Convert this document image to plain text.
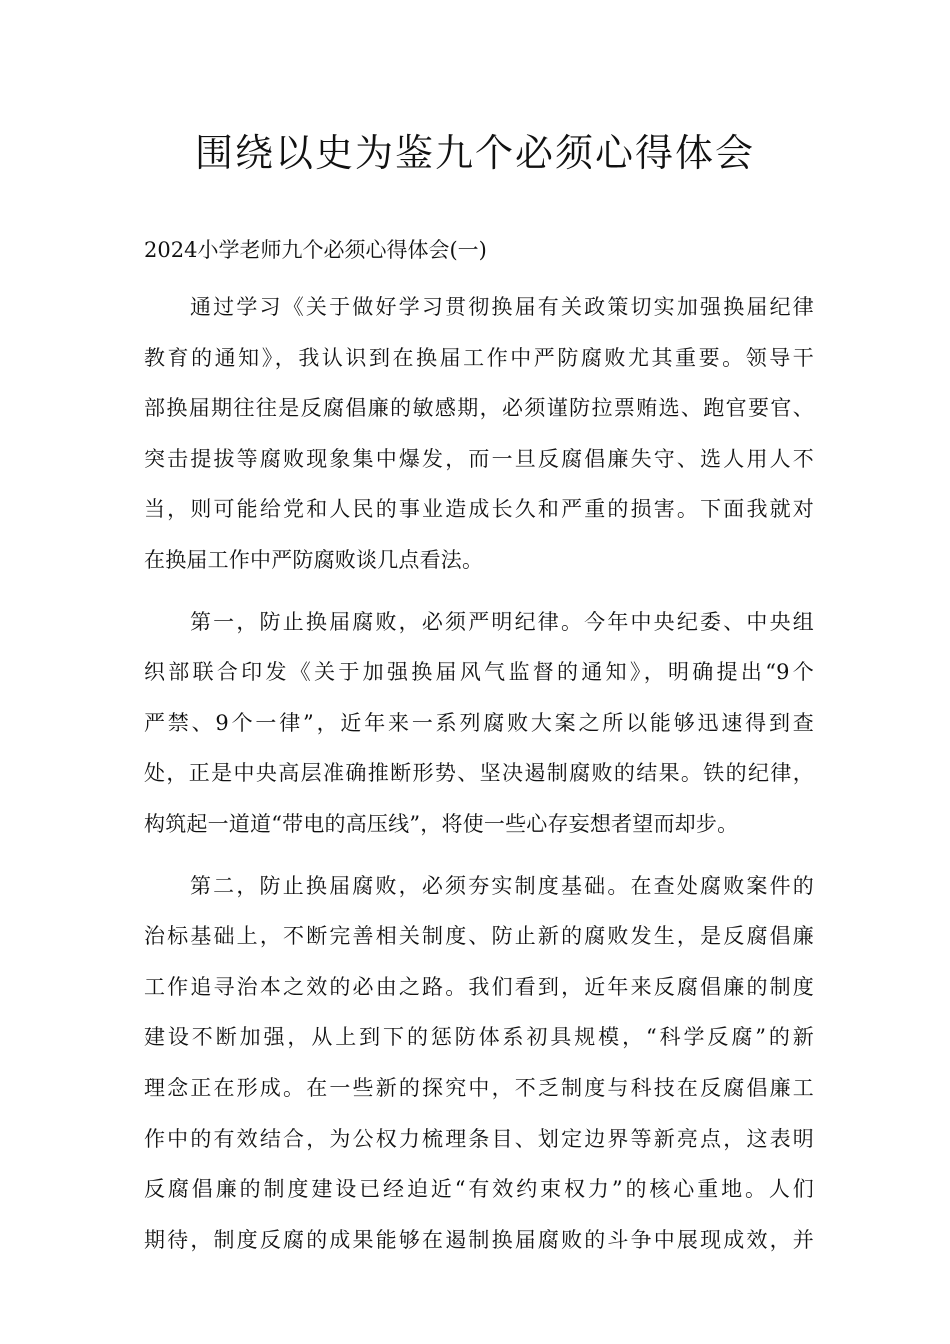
围绕以史为鉴九个必须心得体会

2024小学老师九个必须心得体会(一)

通过学习《关于做好学习贯彻换届有关政策切实加强换届纪律
教育的通知》，我认识到在换届工作中严防腐败尤其重要。领导干
部换届期往往是反腐倡廉的敏感期，必须谨防拉票贿选、跑官要官、
突击提拔等腐败现象集中爆发，而一旦反腐倡廉失守、选人用人不
当，则可能给党和人民的事业造成长久和严重的损害。下面我就对
在换届工作中严防腐败谈几点看法。
第一，防止换届腐败，必须严明纪律。今年中央纪委、中央组
织部联合印发《关于加强换届风气监督的通知》，明确提出“9个
严禁、9个一律”，近年来一系列腐败大案之所以能够迅速得到查
处，正是中央高层准确推断形势、坚决遏制腐败的结果。铁的纪律，
构筑起一道道“带电的高压线”，将使一些心存妄想者望而却步。
第二，防止换届腐败，必须夯实制度基础。在查处腐败案件的
治标基础上，不断完善相关制度、防止新的腐败发生，是反腐倡廉
工作追寻治本之效的必由之路。我们看到，近年来反腐倡廉的制度
建设不断加强，从上到下的惩防体系初具规模，“科学反腐”的新
理念正在形成。在一些新的探究中，不乏制度与科技在反腐倡廉工
作中的有效结合，为公权力梳理条目、划定边界等新亮点，这表明
反腐倡廉的制度建设已经迫近“有效约束权力”的核心重地。人们
期待，制度反腐的成果能够在遏制换届腐败的斗争中展现成效，并
